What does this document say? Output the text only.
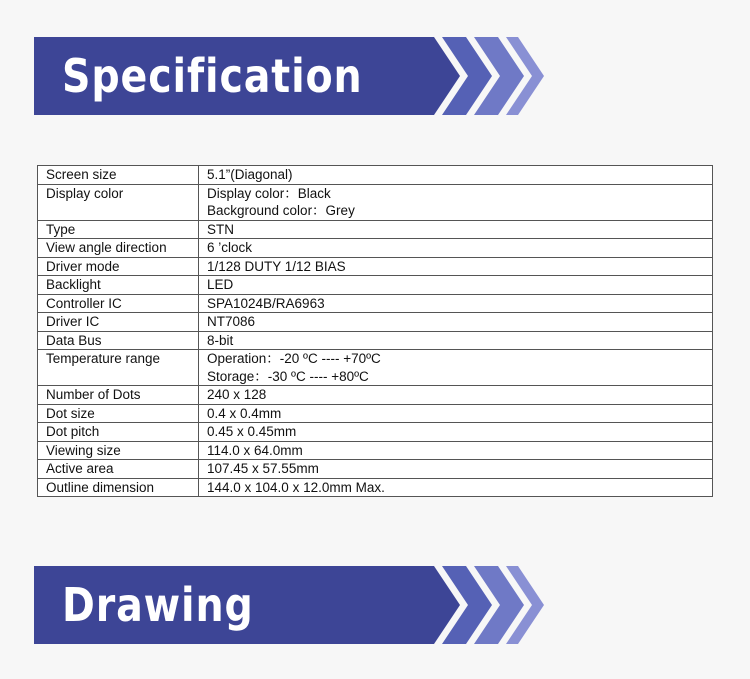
Specification
Screen size	5.1”(Diagonal)
Display color	Display color：Black
	Background color：Grey
Type	STN
View angle direction	6 ’clock
Driver mode	1/128 DUTY 1/12 BIAS
Backlight	LED
Controller IC	SPA1024B/RA6963
Driver IC	NT7086
Data Bus	8-bit
Temperature range	Operation：-20 ºC ---- +70ºC
	Storage：-30 ºC ---- +80ºC
Number of Dots	240 x 128
Dot size	0.4 x 0.4mm
Dot pitch	0.45 x 0.45mm
Viewing size	114.0 x 64.0mm
Active area	107.45 x 57.55mm
Outline dimension	144.0 x 104.0 x 12.0mm Max.
Drawing
